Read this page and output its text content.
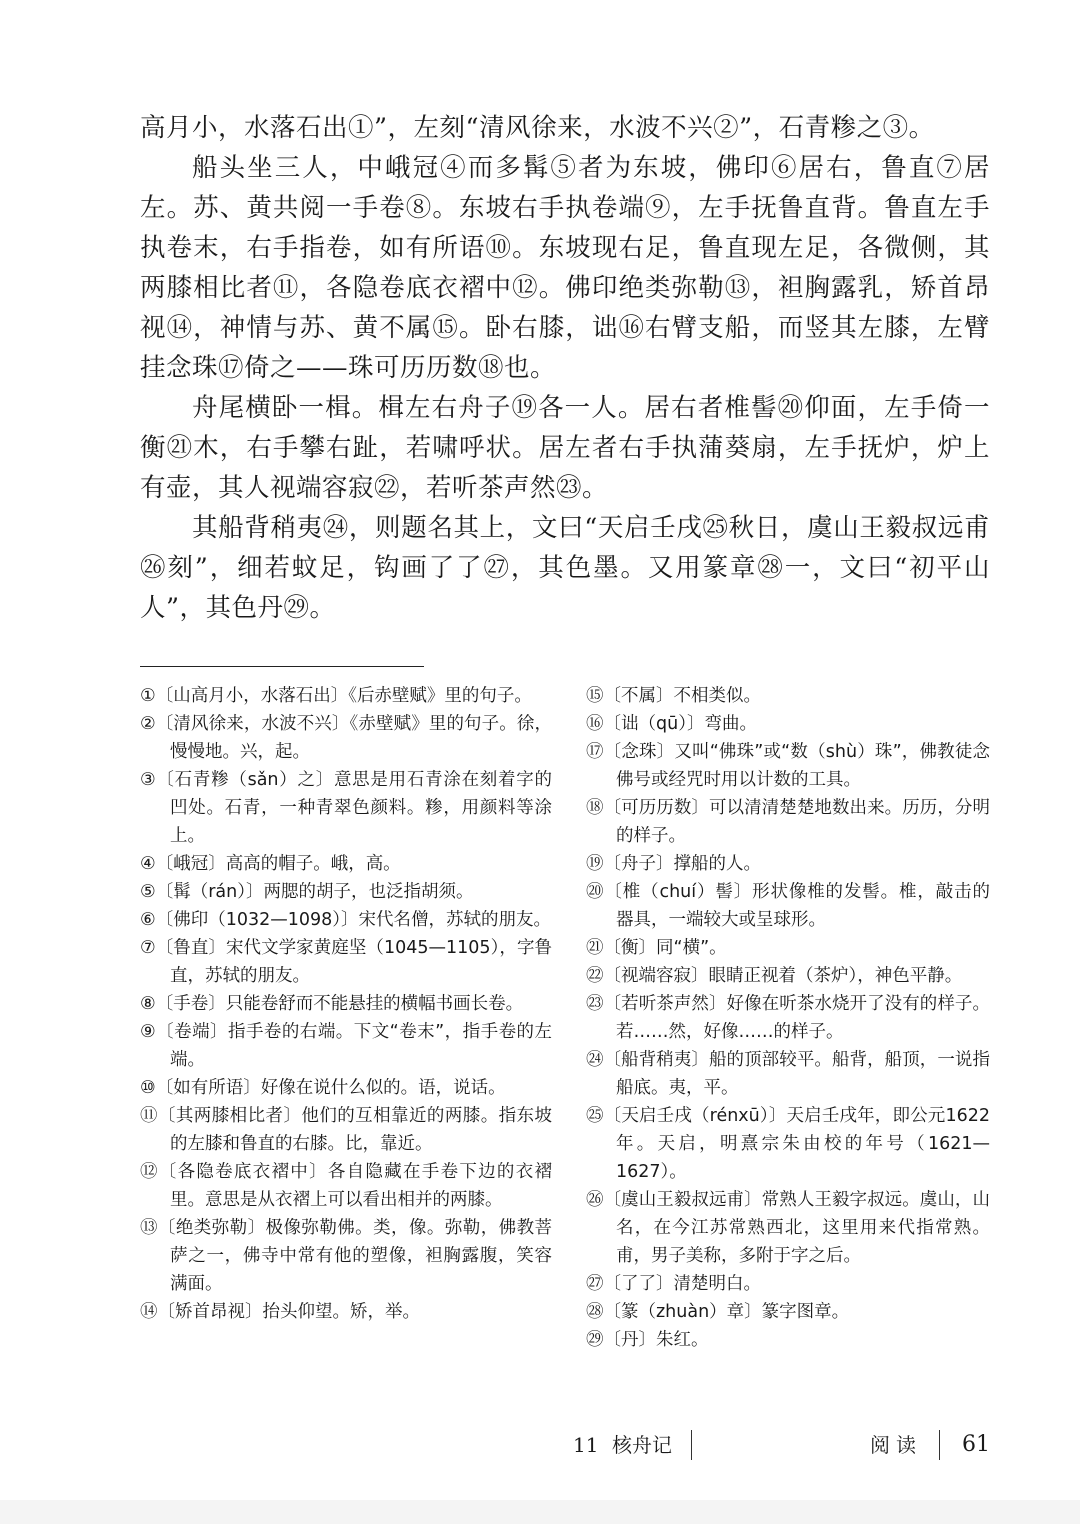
高月小，水落石出①”，左刻“清风徐来，水波不兴②”，石青糁之③。

船头坐三人，中峨冠④而多髯⑤者为东坡，佛印⑥居右，鲁直⑦居左。苏、黄共阅一手卷⑧。东坡右手执卷端⑨，左手抚鲁直背。鲁直左手执卷末，右手指卷，如有所语⑩。东坡现右足，鲁直现左足，各微侧，其两膝相比者⑪，各隐卷底衣褶中⑫。佛印绝类弥勒⑬，袒胸露乳，矫首昂视⑭，神情与苏、黄不属⑮。卧右膝，诎⑯右臂支船，而竖其左膝，左臂挂念珠⑰倚之——珠可历历数⑱也。

舟尾横卧一楫。楫左右舟子⑲各一人。居右者椎髻⑳仰面，左手倚一衡㉑木，右手攀右趾，若啸呼状。居左者右手执蒲葵扇，左手抚炉，炉上有壶，其人视端容寂㉒，若听茶声然㉓。

其船背稍夷㉔，则题名其上，文曰“天启壬戌㉕秋日，虞山王毅叔远甫㉖刻”，细若蚊足，钩画了了㉗，其色墨。又用篆章㉘一，文曰“初平山人”，其色丹㉙。

①〔山高月小，水落石出〕《后赤壁赋》里的句子。
②〔清风徐来，水波不兴〕《赤壁赋》里的句子。徐，慢慢地。兴，起。
③〔石青糁（sǎn）之〕意思是用石青涂在刻着字的凹处。石青，一种青翠色颜料。糁，用颜料等涂上。
④〔峨冠〕高高的帽子。峨，高。
⑤〔髯（rán）〕两腮的胡子，也泛指胡须。
⑥〔佛印（1032—1098）〕宋代名僧，苏轼的朋友。
⑦〔鲁直〕宋代文学家黄庭坚（1045—1105），字鲁直，苏轼的朋友。
⑧〔手卷〕只能卷舒而不能悬挂的横幅书画长卷。
⑨〔卷端〕指手卷的右端。下文“卷末”，指手卷的左端。
⑩〔如有所语〕好像在说什么似的。语，说话。
⑪〔其两膝相比者〕他们的互相靠近的两膝。指东坡的左膝和鲁直的右膝。比，靠近。
⑫〔各隐卷底衣褶中〕各自隐藏在手卷下边的衣褶里。意思是从衣褶上可以看出相并的两膝。
⑬〔绝类弥勒〕极像弥勒佛。类，像。弥勒，佛教菩萨之一，佛寺中常有他的塑像，袒胸露腹，笑容满面。
⑭〔矫首昂视〕抬头仰望。矫，举。
⑮〔不属〕不相类似。
⑯〔诎（qū）〕弯曲。
⑰〔念珠〕又叫“佛珠”或“数（shù）珠”，佛教徒念佛号或经咒时用以计数的工具。
⑱〔可历历数〕可以清清楚楚地数出来。历历，分明的样子。
⑲〔舟子〕撑船的人。
⑳〔椎（chuí）髻〕形状像椎的发髻。椎，敲击的器具，一端较大或呈球形。
㉑〔衡〕同“横”。
㉒〔视端容寂〕眼睛正视着（茶炉），神色平静。
㉓〔若听茶声然〕好像在听茶水烧开了没有的样子。若……然，好像……的样子。
㉔〔船背稍夷〕船的顶部较平。船背，船顶，一说指船底。夷，平。
㉕〔天启壬戌（rénxū）〕天启壬戌年，即公元1622年。天启，明熹宗朱由校的年号（1621—1627）。
㉖〔虞山王毅叔远甫〕常熟人王毅字叔远。虞山，山名，在今江苏常熟西北，这里用来代指常熟。甫，男子美称，多附于字之后。
㉗〔了了〕清楚明白。
㉘〔篆（zhuàn）章〕篆字图章。
㉙〔丹〕朱红。
11 核舟记	阅读 61
